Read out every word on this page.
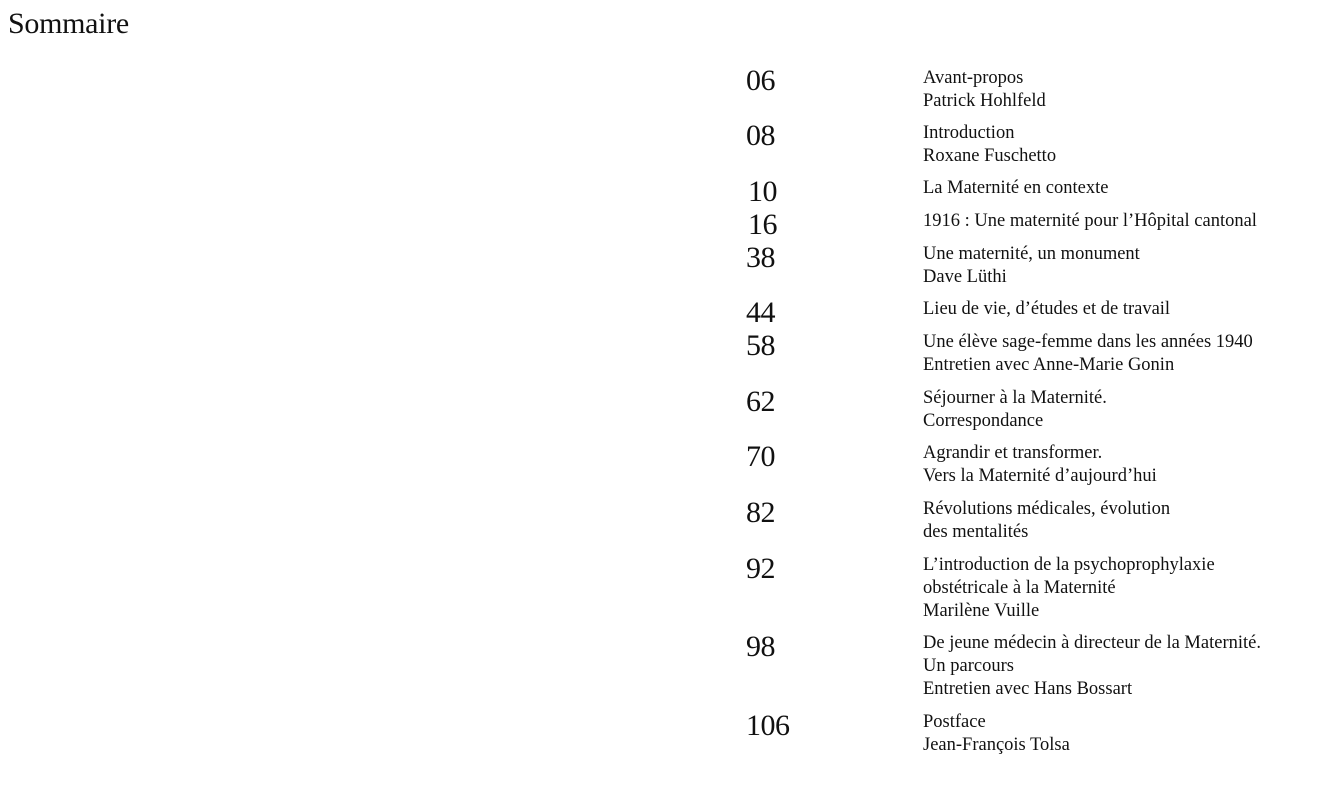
Sommaire
06	Avant-propos
Patrick Hohlfeld
08	Introduction
Roxane Fuschetto
10	La Maternité en contexte
16	1916 : Une maternité pour l’Hôpital cantonal
38	Une maternité, un monument
Dave Lüthi
44	Lieu de vie, d’études et de travail
58	Une élève sage-femme dans les années 1940
Entretien avec Anne-Marie Gonin
62	Séjourner à la Maternité.
Correspondance
70	Agrandir et transformer.
Vers la Maternité d’aujourd’hui
82	Révolutions médicales, évolution
des mentalités
92	L’introduction de la psychoprophylaxie
obstétricale à la Maternité
Marilène Vuille
98	De jeune médecin à directeur de la Maternité.
Un parcours
Entretien avec Hans Bossart
106	Postface
Jean-François Tolsa
